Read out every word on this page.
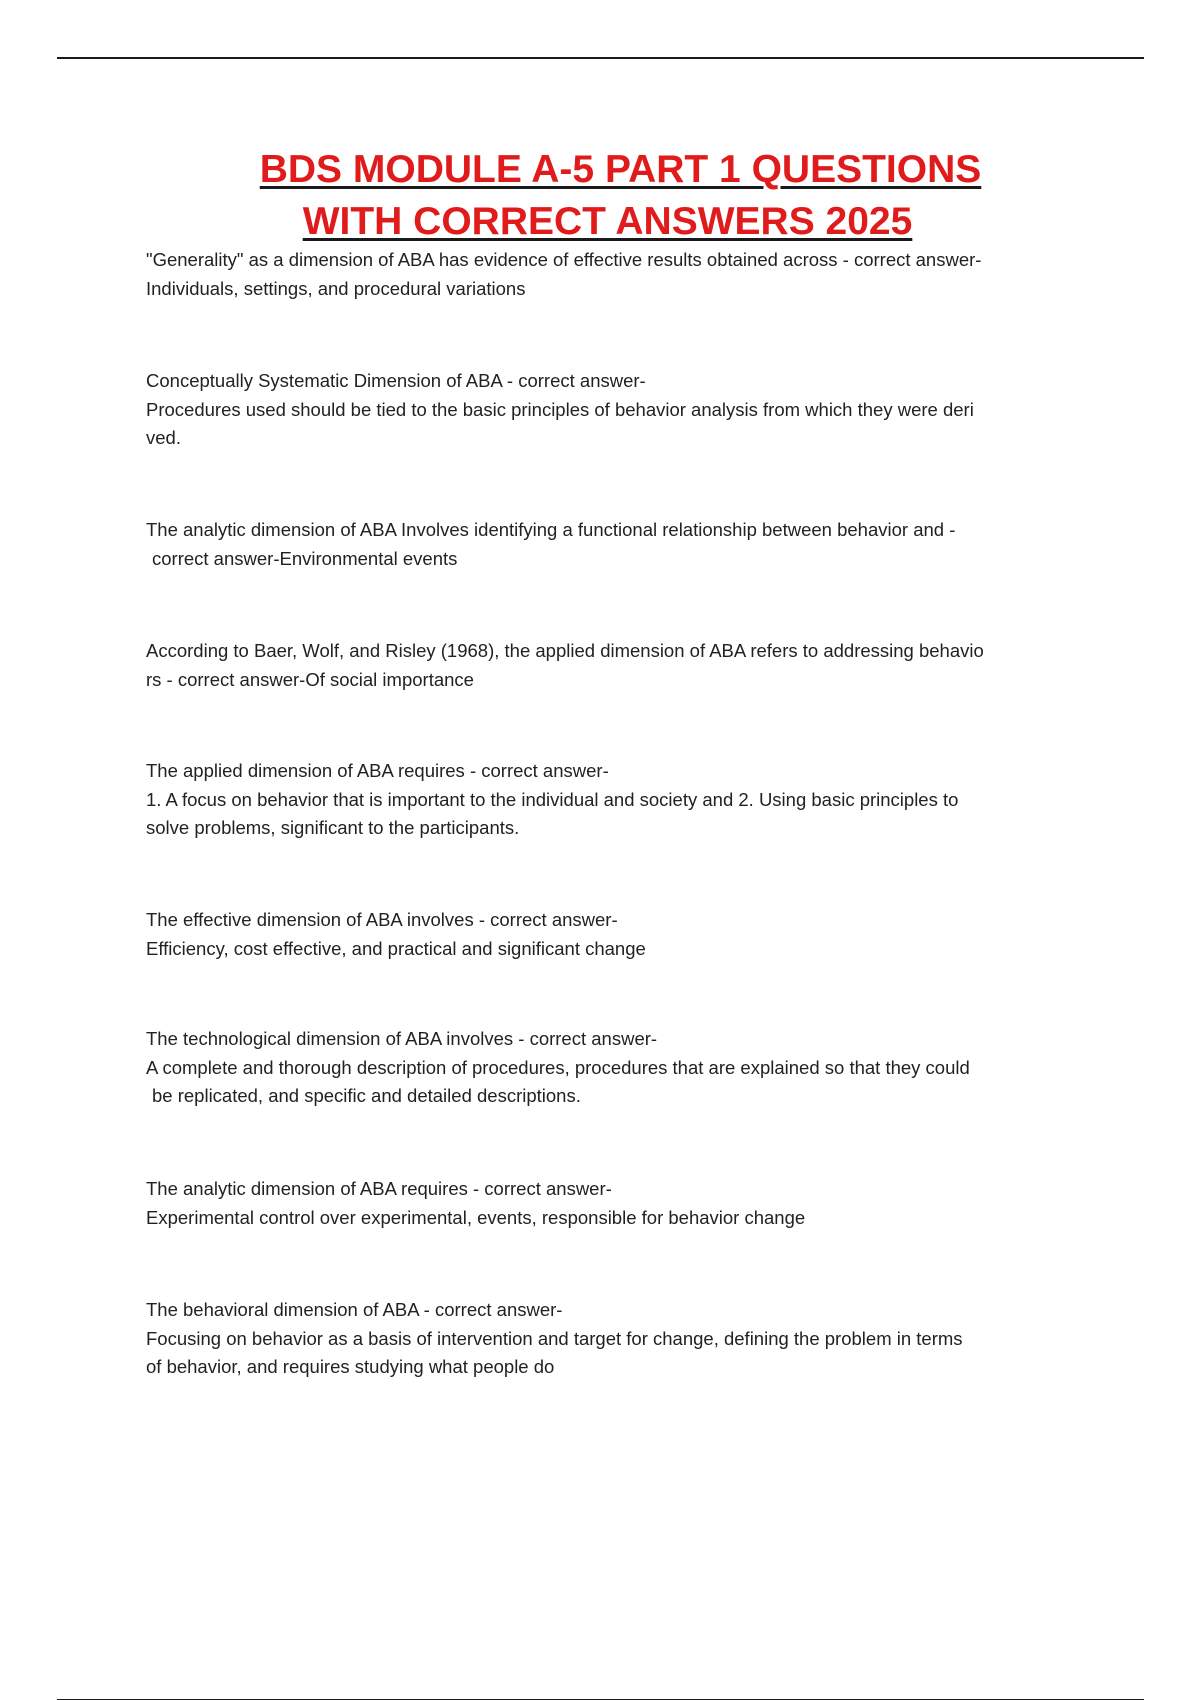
BDS MODULE A-5 PART 1 QUESTIONS
WITH CORRECT ANSWERS 2025

"Generality" as a dimension of ABA has evidence of effective results obtained across - correct answer-

Individuals, settings, and procedural variations

Conceptually Systematic Dimension of ABA - correct answer-

Procedures used should be tied to the basic principles of behavior analysis from which they were deri

ved.

The analytic dimension of ABA Involves identifying a functional relationship between behavior and -

correct answer-Environmental events

According to Baer, Wolf, and Risley (1968), the applied dimension of ABA refers to addressing behavio

rs - correct answer-Of social importance

The applied dimension of ABA requires - correct answer-

1. A focus on behavior that is important to the individual and society and 2. Using basic principles to

solve problems, significant to the participants.

The effective dimension of ABA involves - correct answer-

Efficiency, cost effective, and practical and significant change

The technological dimension of ABA involves - correct answer-

A complete and thorough description of procedures, procedures that are explained so that they could

be replicated, and specific and detailed descriptions.

The analytic dimension of ABA requires - correct answer-

Experimental control over experimental, events, responsible for behavior change

The behavioral dimension of ABA - correct answer-

Focusing on behavior as a basis of intervention and target for change, defining the problem in terms

of behavior, and requires studying what people do
